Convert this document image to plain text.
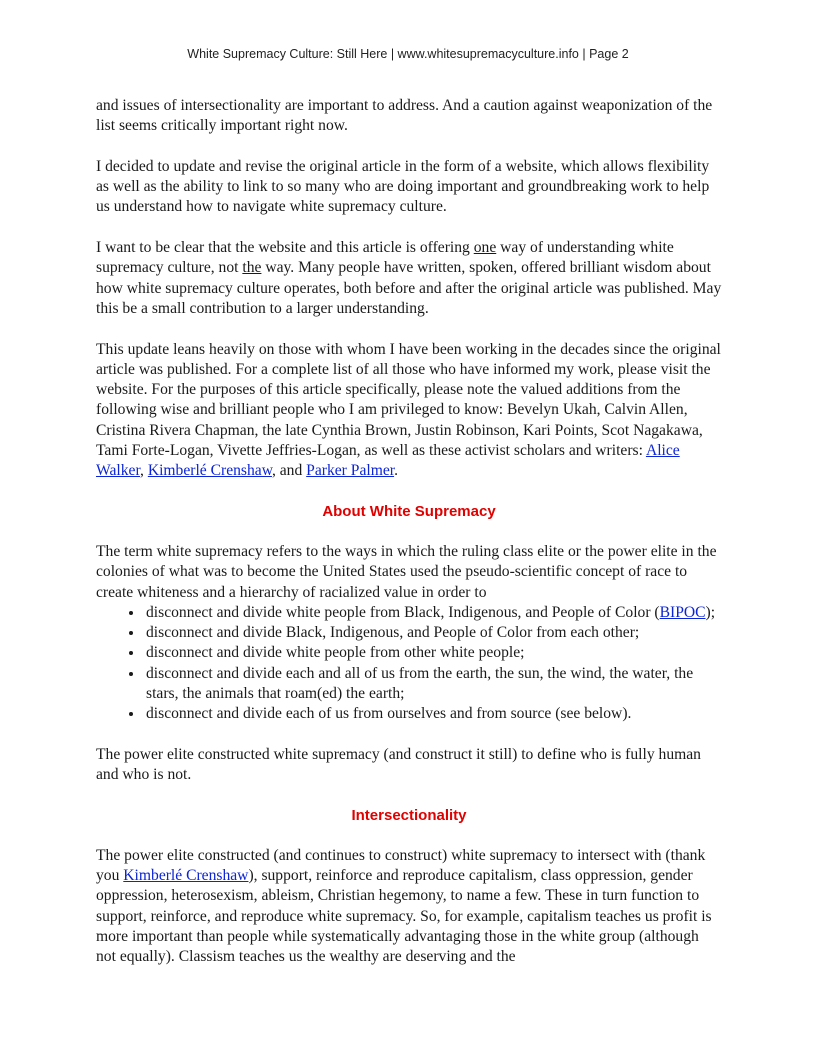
White Supremacy Culture: Still Here | www.whitesupremacyculture.info | Page 2

and issues of intersectionality are important to address. And a caution against weaponization of the list seems critically important right now.

I decided to update and revise the original article in the form of a website, which allows flexibility as well as the ability to link to so many who are doing important and groundbreaking work to help us understand how to navigate white supremacy culture.

I want to be clear that the website and this article is offering one way of understanding white supremacy culture, not the way. Many people have written, spoken, offered brilliant wisdom about how white supremacy culture operates, both before and after the original article was published. May this be a small contribution to a larger understanding.

This update leans heavily on those with whom I have been working in the decades since the original article was published. For a complete list of all those who have informed my work, please visit the website. For the purposes of this article specifically, please note the valued additions from the following wise and brilliant people who I am privileged to know: Bevelyn Ukah, Calvin Allen, Cristina Rivera Chapman, the late Cynthia Brown, Justin Robinson, Kari Points, Scot Nagakawa, Tami Forte-Logan, Vivette Jeffries-Logan, as well as these activist scholars and writers: Alice Walker, Kimberlé Crenshaw, and Parker Palmer.

About White Supremacy

The term white supremacy refers to the ways in which the ruling class elite or the power elite in the colonies of what was to become the United States used the pseudo-scientific concept of race to create whiteness and a hierarchy of racialized value in order to

• disconnect and divide white people from Black, Indigenous, and People of Color (BIPOC);
• disconnect and divide Black, Indigenous, and People of Color from each other;
• disconnect and divide white people from other white people;
• disconnect and divide each and all of us from the earth, the sun, the wind, the water, the stars, the animals that roam(ed) the earth;
• disconnect and divide each of us from ourselves and from source (see below).

The power elite constructed white supremacy (and construct it still) to define who is fully human and who is not.

Intersectionality

The power elite constructed (and continues to construct) white supremacy to intersect with (thank you Kimberlé Crenshaw), support, reinforce and reproduce capitalism, class oppression, gender oppression, heterosexism, ableism, Christian hegemony, to name a few. These in turn function to support, reinforce, and reproduce white supremacy. So, for example, capitalism teaches us profit is more important than people while systematically advantaging those in the white group (although not equally). Classism teaches us the wealthy are deserving and the
